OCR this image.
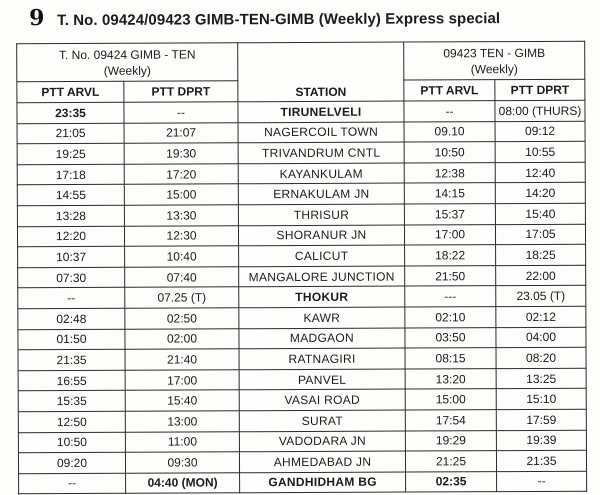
9 T. No. 09424/09423 GIMB-TEN-GIMB (Weekly) Express special
T. No. 09424 GIMB - TEN
(Weekly)		STATION	09423 TEN - GIMB
(Weekly)	

PTT ARVL	PTT DPRT		PTT ARVL	PTT DPRT
23:35	--	TIRUNELVELI	--	08:00 (THURS)
21:05	21:07	NAGERCOIL TOWN	09.10	09:12
19:25	19:30	TRIVANDRUM CNTL	10:50	10:55
17:18	17:20	KAYANKULAM	12:38	12:40
14:55	15:00	ERNAKULAM JN	14:15	14:20
13:28	13:30	THRISUR	15:37	15:40
12:20	12:30	SHORANUR JN	17:00	17:05
10:37	10:40	CALICUT	18:22	18:25
07:30	07:40	MANGALORE JUNCTION	21:50	22:00
--	07.25 (T)	THOKUR	---	23.05 (T)
02:48	02:50	KAWR	02:10	02:12
01:50	02:00	MADGAON	03:50	04:00
21:35	21:40	RATNAGIRI	08:15	08:20
16:55	17:00	PANVEL	13:20	13:25
15:35	15:40	VASAI ROAD	15:00	15:10
12:50	13:00	SURAT	17:54	17:59
10:50	11:00	VADODARA JN	19:29	19:39
09:20	09:30	AHMEDABAD JN	21:25	21:35
--	04:40 (MON)	GANDHIDHAM BG	02:35	--
